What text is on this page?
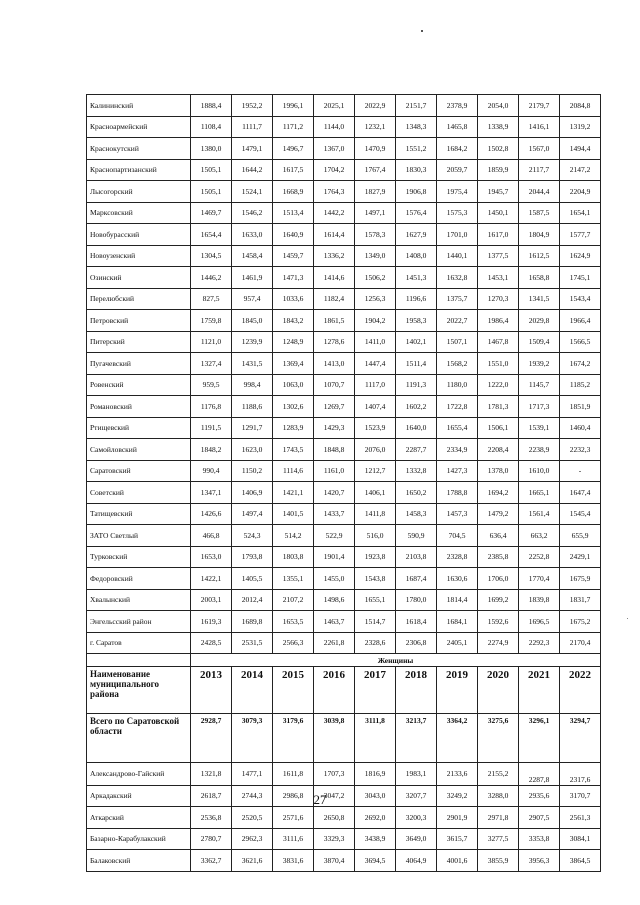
Калининский	1888,4	1952,2	1996,1	2025,1	2022,9	2151,7	2378,9	2054,0	2179,7	2084,8
Красноармейский	1108,4	1111,7	1171,2	1144,0	1232,1	1348,3	1465,8	1338,9	1416,1	1319,2
Краснокутский	1380,0	1479,1	1496,7	1367,0	1470,9	1551,2	1684,2	1502,8	1567,0	1494,4
Краснопартизанский	1505,1	1644,2	1617,5	1704,2	1767,4	1830,3	2059,7	1859,9	2117,7	2147,2
Лысогорский	1505,1	1524,1	1668,9	1764,3	1827,9	1906,8	1975,4	1945,7	2044,4	2204,9
Марксовский	1469,7	1546,2	1513,4	1442,2	1497,1	1576,4	1575,3	1450,1	1587,5	1654,1
Новобурасский	1654,4	1633,0	1640,9	1614,4	1578,3	1627,9	1701,0	1617,0	1804,9	1577,7
Новоузенский	1304,5	1458,4	1459,7	1336,2	1349,0	1408,0	1440,1	1377,5	1612,5	1624,9
Озинский	1446,2	1461,9	1471,3	1414,6	1506,2	1451,3	1632,8	1453,1	1658,8	1745,1
Перелюбский	827,5	957,4	1033,6	1182,4	1256,3	1196,6	1375,7	1270,3	1341,5	1543,4
Петровский	1759,8	1845,0	1843,2	1861,5	1904,2	1958,3	2022,7	1986,4	2029,8	1966,4
Питерский	1121,0	1239,9	1248,9	1278,6	1411,0	1402,1	1507,1	1467,8	1509,4	1566,5
Пугачевский	1327,4	1431,5	1369,4	1413,0	1447,4	1511,4	1568,2	1551,0	1939,2	1674,2
Ровенский	959,5	998,4	1063,0	1070,7	1117,0	1191,3	1180,0	1222,0	1145,7	1185,2
Романовский	1176,8	1188,6	1302,6	1269,7	1407,4	1602,2	1722,8	1781,3	1717,3	1851,9
Ртищевский	1191,5	1291,7	1283,9	1429,3	1523,9	1640,0	1655,4	1506,1	1539,1	1460,4
Самойловский	1848,2	1623,0	1743,5	1848,8	2076,0	2287,7	2334,9	2208,4	2238,9	2232,3
Саратовский	990,4	1150,2	1114,6	1161,0	1212,7	1332,8	1427,3	1378,0	1610,0	-
Советский	1347,1	1406,9	1421,1	1420,7	1406,1	1650,2	1788,8	1694,2	1665,1	1647,4
Татищевский	1426,6	1497,4	1401,5	1433,7	1411,8	1458,3	1457,3	1479,2	1561,4	1545,4
ЗАТО Светлый	466,8	524,3	514,2	522,9	516,0	590,9	704,5	636,4	663,2	655,9
Турковский	1653,0	1793,8	1803,8	1901,4	1923,8	2103,8	2328,8	2385,8	2252,8	2429,1
Федоровский	1422,1	1405,5	1355,1	1455,0	1543,8	1687,4	1630,6	1706,0	1770,4	1675,9
Хвалынский	2003,1	2012,4	2107,2	1498,6	1655,1	1780,0	1814,4	1699,2	1839,8	1831,7
Энгельсский район	1619,3	1689,8	1653,5	1463,7	1514,7	1618,4	1684,1	1592,6	1696,5	1675,2
г. Саратов	2428,5	2531,5	2566,3	2261,8	2328,6	2306,8	2405,1	2274,9	2292,3	2170,4
	Женщины									
Наименование муниципального района	2013	2014	2015	2016	2017	2018	2019	2020	2021	2022
Всего по Саратовской области	2928,7	3079,3	3179,6	3039,8	3111,8	3213,7	3364,2	3275,6	3296,1	3294,7
Александрово-Гайский	1321,8	1477,1	1611,8	1707,3	1816,9	1983,1	2133,6	2155,2	2287,8	2317,6
Аркадакский	2618,7	2744,3	2986,8	3047,2	3043,0	3207,7	3249,2	3288,0	2935,6	3170,7
Аткарский	2536,8	2520,5	2571,6	2650,8	2692,0	3200,3	2901,9	2971,8	2907,5	2561,3
Базарно-Карабулакский	2780,7	2962,3	3111,6	3329,3	3438,9	3649,0	3615,7	3277,5	3353,8	3084,1
Балаковский	3362,7	3621,6	3831,6	3870,4	3694,5	4064,9	4001,6	3855,9	3956,3	3864,5
27
